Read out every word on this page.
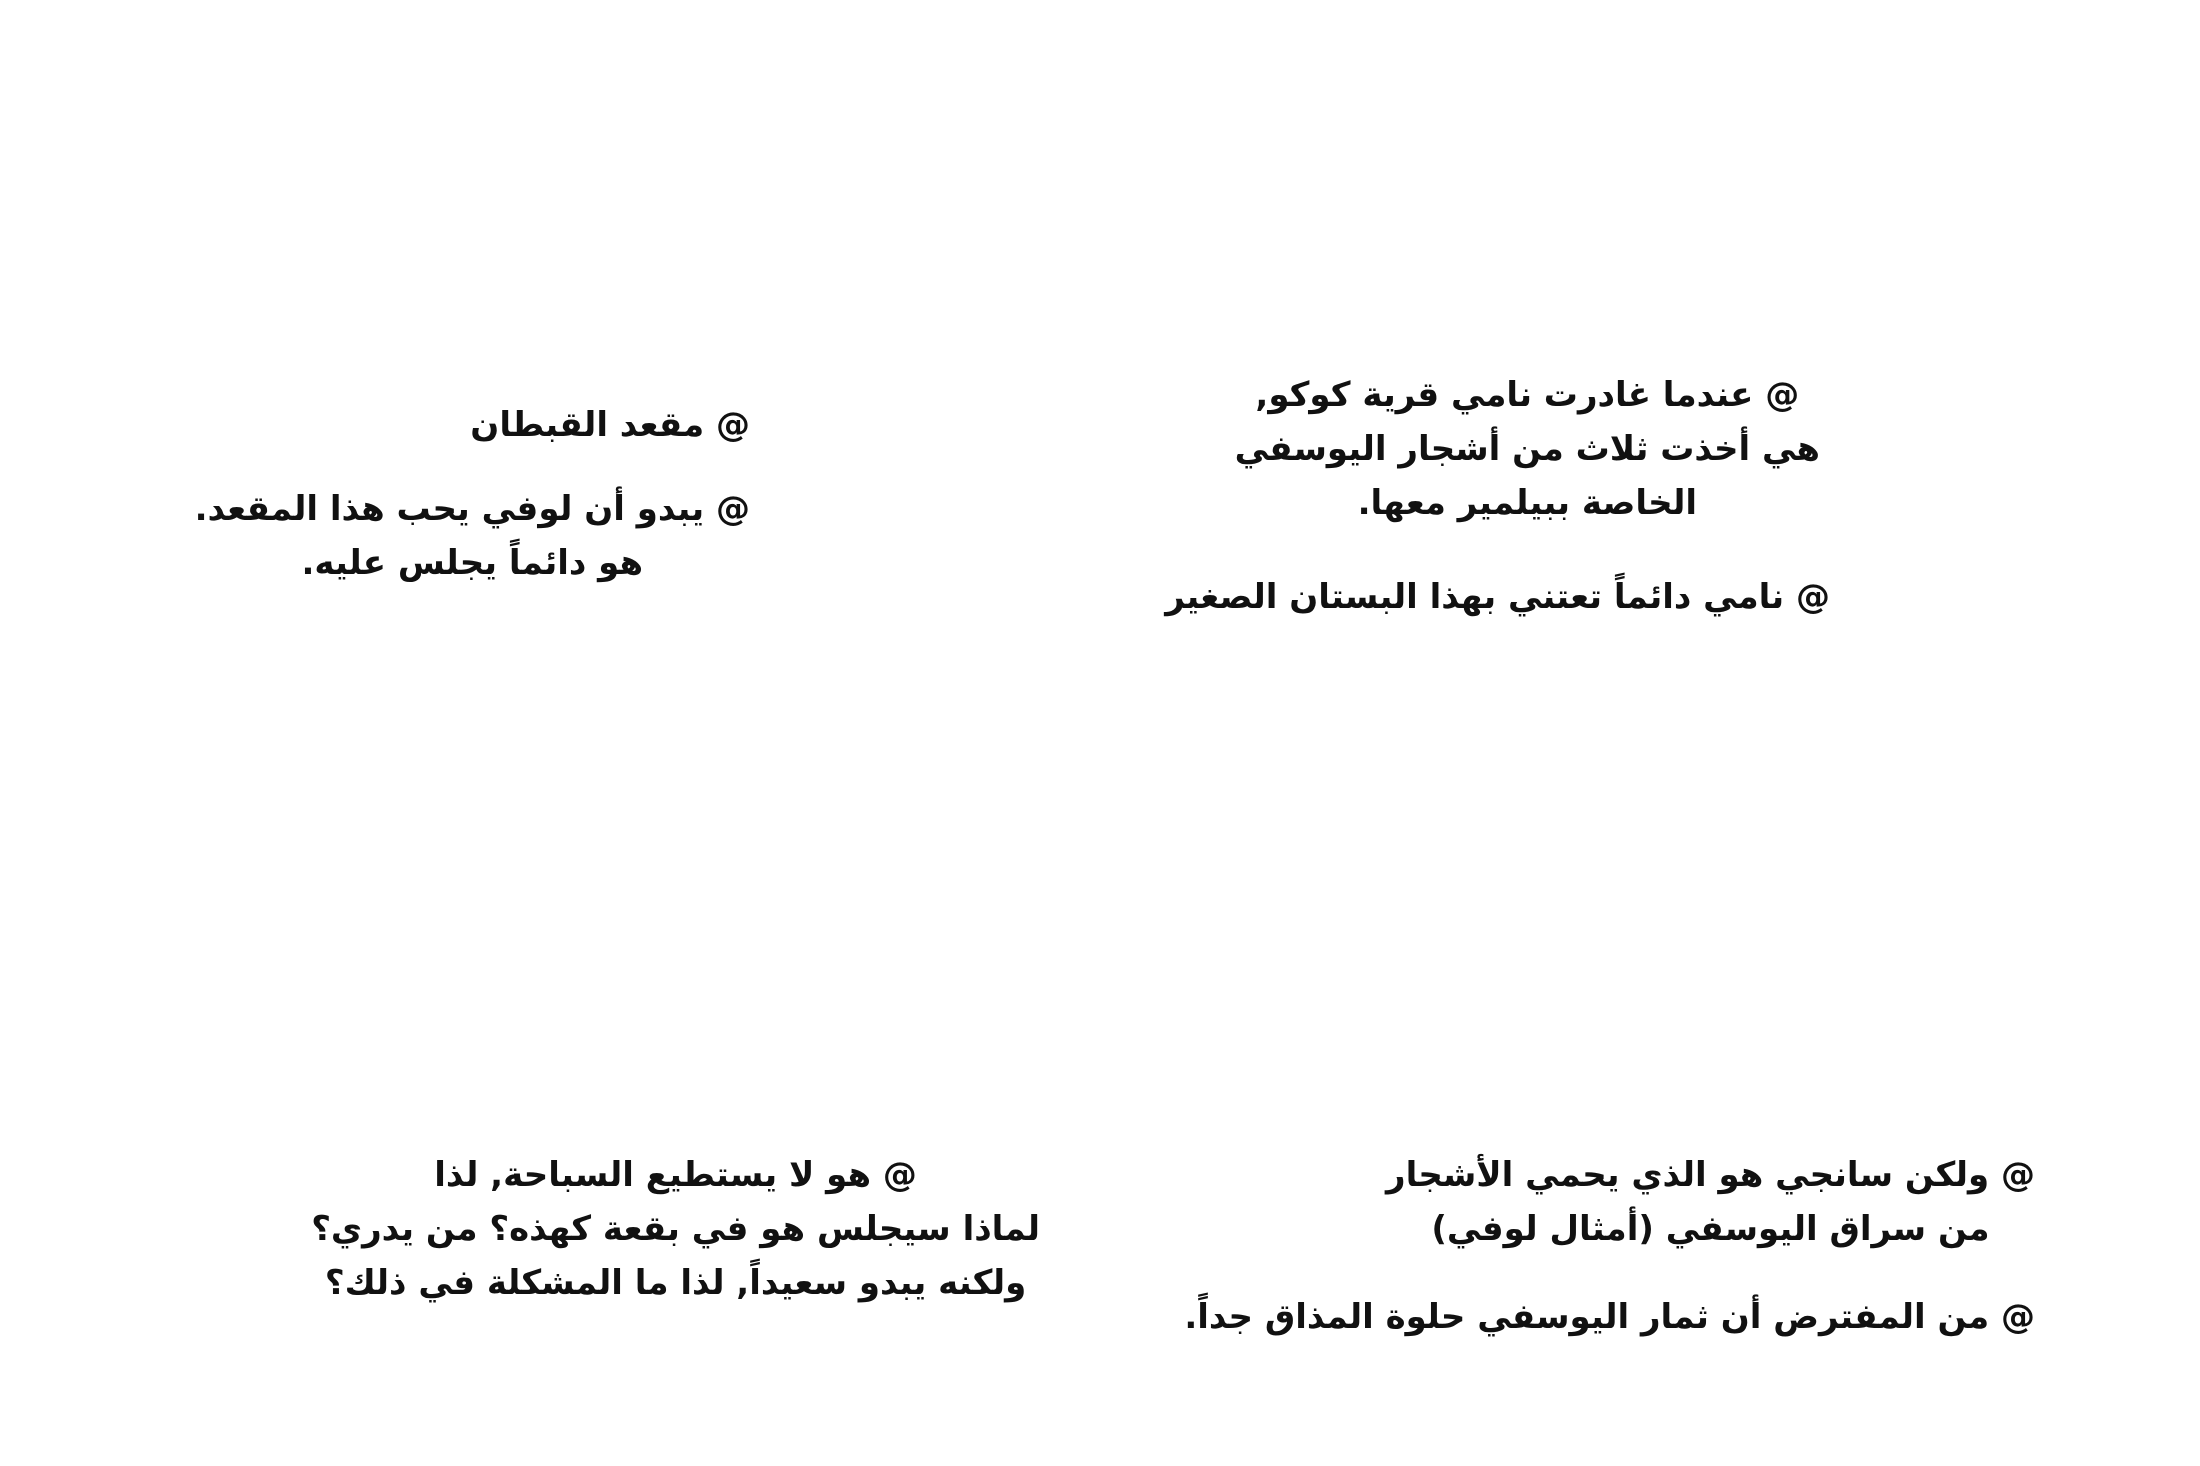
@ عندما غادرت نامي قرية كوكو,
هي أخذت ثلاث من أشجار اليوسفي
الخاصة ببيلمير معها.
@ نامي دائماً تعتني بهذا البستان الصغير
@ ولكن سانجي هو الذي يحمي الأشجار
من سراق اليوسفي (أمثال لوفي)
@ من المفترض أن ثمار اليوسفي حلوة المذاق جداً.
@ مقعد القبطان
@ يبدو أن لوفي يحب هذا المقعد.
هو دائماً يجلس عليه.
@ هو لا يستطيع السباحة, لذا
لماذا سيجلس هو في بقعة كهذه؟ من يدري؟
ولكنه يبدو سعيداً, لذا ما المشكلة في ذلك؟
